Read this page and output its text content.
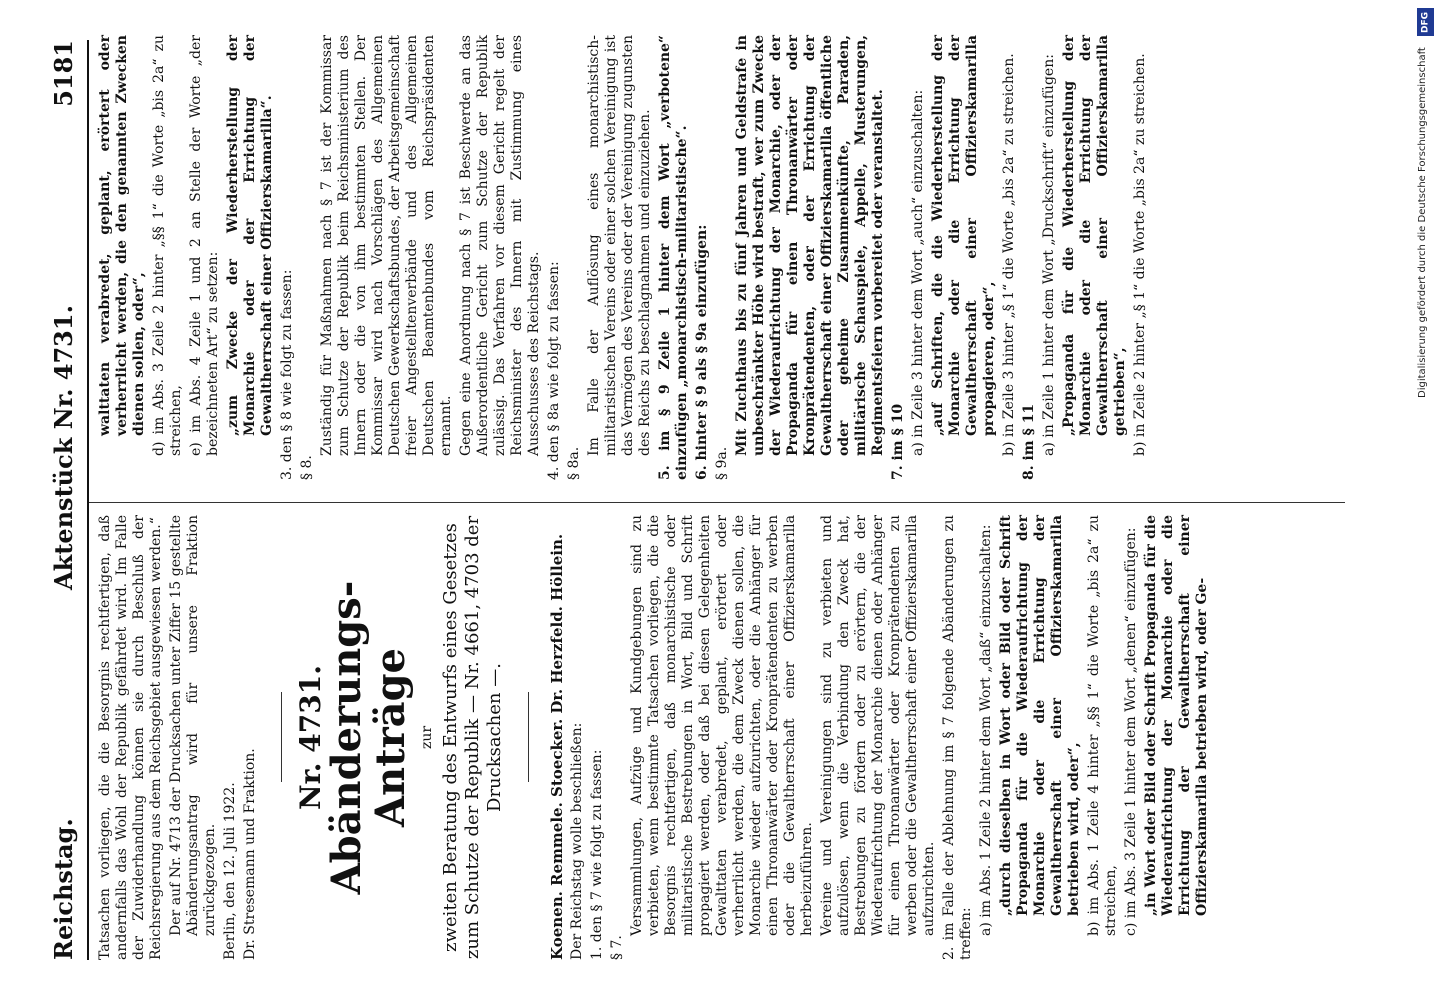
Reichstag.
Aktenstück Nr. 4731.
5181

Tatsachen vorliegen, die die Besorgnis rechtfertigen, daß andernfalls das Wohl der Republik gefährdet wird. Im Falle der Zuwiderhandlung können sie durch Beschluß der Reichsregierung aus dem Reichsgebiet ausgewiesen werden.“ Der auf Nr. 4713 der Drucksachen unter Ziffer 15 gestellte Abänderungsantrag wird für unsere Fraktion zurückgezogen. Berlin, den 12. Juli 1922. Dr. Stresemann und Fraktion.

Nr. 4731.
Abänderungs-Anträge zur zweiten Beratung des Entwurfs eines Gesetzes zum Schutze der Republik — Nr. 4661, 4703 der Drucksachen —.	Koenen. Remmele. Stoecker. Dr. Herzfeld. Höllein. Der Reichstag wolle beschließen: 1. den § 7 wie folgt zu fassen: § 7.

Versammlungen, Aufzüge und Kundgebungen sind zu verbieten, wenn bestimmte Tatsachen vorliegen, die die Besorgnis rechtfertigen, daß monarchistische oder militaristische Bestrebungen in Wort, Bild und Schrift propagiert werden, oder daß bei diesen Gelegenheiten Gewalttaten verabredet, geplant, erörtert oder verherrlicht werden, die dem Zweck dienen sollen, die Monarchie wieder aufzurichten, oder die Anhänger für einen Thronanwärter oder Kronprätendenten zu werben oder die Gewaltherrschaft einer Offizierskamarilla herbeizuführen. Vereine und Vereinigungen sind zu verbieten und aufzulösen, wenn die Verbindung den Zweck hat, Bestrebungen zu fördern oder zu erörtern, die der Wiederaufrichtung der Monarchie dienen oder Anhänger für einen Thronanwärter oder Kronprätendenten zu werben oder die Gewaltherrschaft einer Offizierskamarilla aufzurichten. 2. im Falle der Ablehnung im § 7 folgende Abänderungen zu treffen: a) im Abs. 1 Zeile 2 hinter dem Wort „daß“ einzuschalten: „durch dieselben in Wort oder Bild oder Schrift Propaganda für die Wiederaufrichtung der Monarchie oder die Errichtung der Gewaltherrschaft einer Offizierskamarilla betrieben wird, oder“, b) im Abs. 1 Zeile 4 hinter „§§ 1“ die Worte „bis 2a“ zu streichen, c) im Abs. 3 Zeile 1 hinter dem Wort „denen“ einzufügen: „in Wort oder Bild oder Schrift Propaganda für die Wiederaufrichtung der Monarchie oder die Errichtung der Gewaltherrschaft einer Offizierskamarilla betrieben wird, oder Ge-

walttaten verabredet, geplant, erörtert oder verherrlicht werden, die den genannten Zwecken dienen sollen, oder“, d) im Abs. 3 Zeile 2 hinter „§§ 1“ die Worte „bis 2a“ zu streichen, e) im Abs. 4 Zeile 1 und 2 an Stelle der Worte „der bezeichneten Art“ zu setzen: „zum Zwecke der Wiederherstellung der Monarchie oder der Errichtung der Gewaltherrschaft einer Offizierskamarilla“. 3. den § 8 wie folgt zu fassen: § 8.

Zuständig für Maßnahmen nach § 7 ist der Kommissar zum Schutze der Republik beim Reichsministerium des Innern oder die von ihm bestimmten Stellen. Der Kommissar wird nach Vorschlägen des Allgemeinen Deutschen Gewerkschaftsbundes, der Arbeitsgemeinschaft freier Angestelltenverbände und des Allgemeinen Deutschen Beamtenbundes vom Reichspräsidenten ernannt. Gegen eine Anordnung nach § 7 ist Beschwerde an das Außerordentliche Gericht zum Schutze der Republik zulässig. Das Verfahren vor diesem Gericht regelt der Reichsminister des Innern mit Zustimmung eines Ausschusses des Reichstags. 4. den § 8a wie folgt zu fassen: § 8a.

Im Falle der Auflösung eines monarchistisch-militaristischen Vereins oder einer solchen Vereinigung ist das Vermögen des Vereins oder der Vereinigung zugunsten des Reichs zu beschlagnahmen und einzuziehen. 5. im § 9 Zeile 1 hinter dem Wort „verbotene“ einzufügen „monarchistisch-militaristische“. 6. hinter § 9 als § 9a einzufügen: § 9a.

Mit Zuchthaus bis zu fünf Jahren und Geldstrafe in unbeschränkter Höhe wird bestraft, wer zum Zwecke der Wiederaufrichtung der Monarchie, oder der Propaganda für einen Thronanwärter oder Kronprätendenten, oder der Errichtung der Gewaltherrschaft einer Offizierskamarilla öffentliche oder geheime Zusammenkünfte, Paraden, militärische Schauspiele, Appelle, Musterungen, Regimentsfeiern vorbereitet oder veranstaltet. 7. im § 10 a) in Zeile 3 hinter dem Wort „auch“ einzuschalten: „auf Schriften, die die Wiederherstellung der Monarchie oder die Errichtung der Gewaltherrschaft einer Offizierskamarilla propagieren, oder“, b) in Zeile 3 hinter „§ 1“ die Worte „bis 2a“ zu streichen. 8. im § 11 a) in Zeile 1 hinter dem Wort „Druckschrift“ einzufügen: „Propaganda für die Wiederherstellung der Monarchie oder die Errichtung der Gewaltherrschaft einer Offizierskamarilla getrieben“, b) in Zeile 2 hinter „§ 1“ die Worte „bis 2a“ zu streichen.

DFG
Digitalisierung gefördert durch die Deutsche Forschungsgemeinschaft
